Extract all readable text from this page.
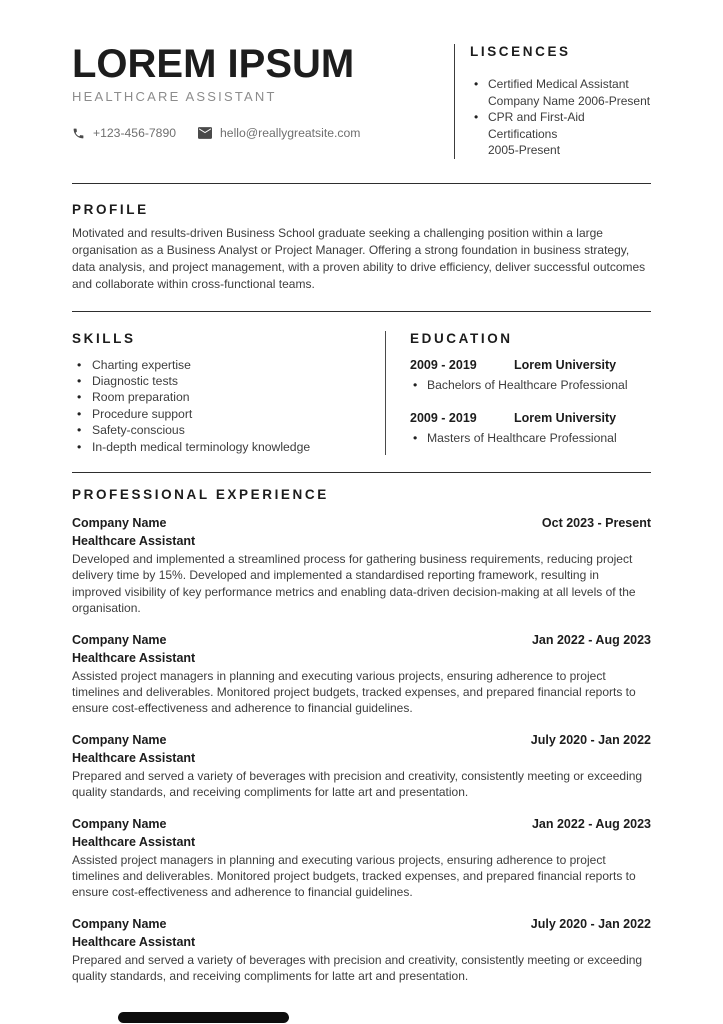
LOREM IPSUM
HEALTHCARE ASSISTANT
+123-456-7890	hello@reallygreatsite.com
LISCENCES
• Certified Medical Assistant
Company Name 2006-Present
• CPR and First-Aid Certifications
2005-Present
PROFILE

Motivated and results-driven Business School graduate seeking a challenging position within a large organisation as a Business Analyst or Project Manager. Offering a strong foundation in business strategy, data analysis, and project management, with a proven ability to drive efficiency, deliver successful outcomes and collaborate within cross-functional teams.

SKILLS
• Charting expertise
• Diagnostic tests
• Room preparation
• Procedure support
• Safety-conscious
• In-depth medical terminology knowledge
EDUCATION
2009 - 2019	Lorem University
• Bachelors of Healthcare Professional
2009 - 2019	Lorem University
• Masters of Healthcare Professional
PROFESSIONAL EXPERIENCE
Company Name	Oct 2023 - Present
Healthcare Assistant

Developed and implemented a streamlined process for gathering business requirements, reducing project delivery time by 15%. Developed and implemented a standardised reporting framework, resulting in improved visibility of key performance metrics and enabling data-driven decision-making at all levels of the organisation.

Company Name	Jan 2022 - Aug 2023
Healthcare Assistant

Assisted project managers in planning and executing various projects, ensuring adherence to project timelines and deliverables. Monitored project budgets, tracked expenses, and prepared financial reports to ensure cost-effectiveness and adherence to financial guidelines.

Company Name	July 2020 - Jan 2022
Healthcare Assistant

Prepared and served a variety of beverages with precision and creativity, consistently meeting or exceeding quality standards, and receiving compliments for latte art and presentation.

Company Name	Jan 2022 - Aug 2023
Healthcare Assistant

Assisted project managers in planning and executing various projects, ensuring adherence to project timelines and deliverables. Monitored project budgets, tracked expenses, and prepared financial reports to ensure cost-effectiveness and adherence to financial guidelines.

Company Name	July 2020 - Jan 2022
Healthcare Assistant

Prepared and served a variety of beverages with precision and creativity, consistently meeting or exceeding quality standards, and receiving compliments for latte art and presentation.
